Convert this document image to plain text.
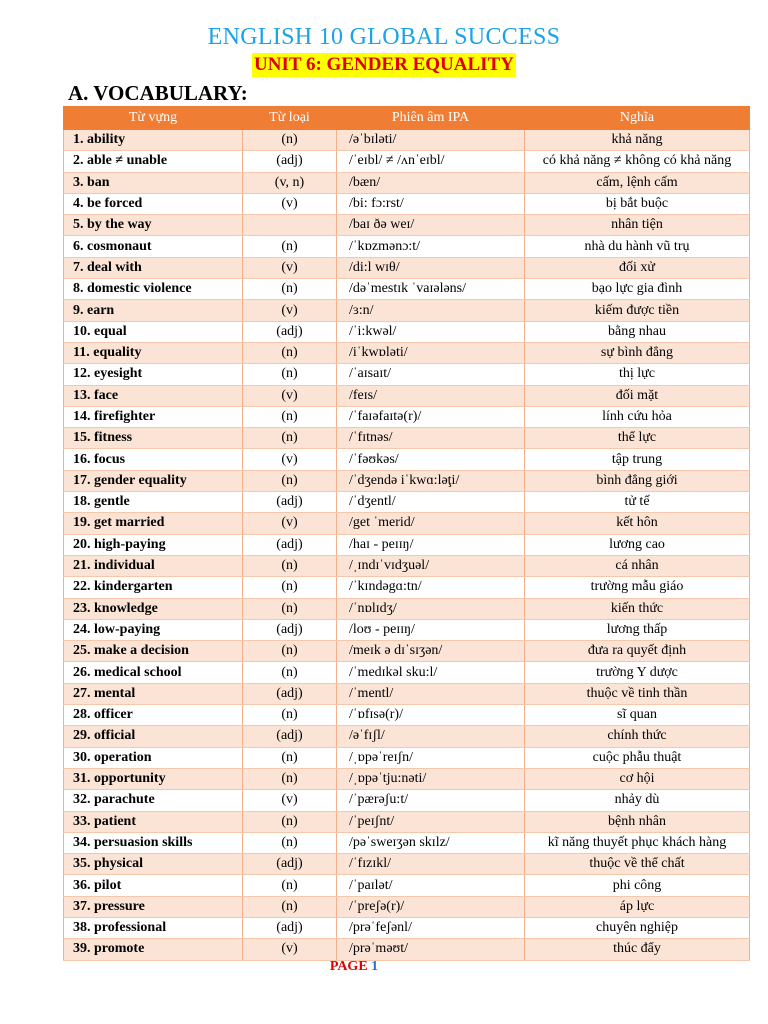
ENGLISH 10 GLOBAL SUCCESS
UNIT 6: GENDER EQUALITY
A. VOCABULARY:
Từ vựng	Từ loại	Phiên âm IPA	Nghĩa
1. ability	(n)	/əˈbɪləti/	khả năng
2. able ≠ unable	(adj)	/ˈeɪbl/ ≠ /ʌnˈeɪbl/	có khả năng ≠ không có khả năng
3. ban	(v, n)	/bæn/	cấm, lệnh cấm
4. be forced	(v)	/bi: fɔ:rst/	bị bắt buộc
5. by the way		/baɪ ðə weɪ/	nhân tiện
6. cosmonaut	(n)	/ˈkɒzmənɔ:t/	nhà du hành vũ trụ
7. deal with	(v)	/di:l wɪθ/	đối xử
8. domestic violence	(n)	/dəˈmestɪk ˈvaɪələns/	bạo lực gia đình
9. earn	(v)	/ɜ:n/	kiếm được tiền
10. equal	(adj)	/ˈi:kwəl/	bằng nhau
11. equality	(n)	/iˈkwɒləti/	sự bình đẳng
12. eyesight	(n)	/ˈaɪsaɪt/	thị lực
13. face	(v)	/feɪs/	đối mặt
14. firefighter	(n)	/ˈfaɪəfaɪtə(r)/	lính cứu hỏa
15. fitness	(n)	/ˈfɪtnəs/	thể lực
16. focus	(v)	/ˈfəʊkəs/	tập trung
17. gender equality	(n)	/ˈdʒendə iˈkwɑ:ləţi/	bình đẳng giới
18. gentle	(adj)	/ˈdʒentl/	tử tế
19. get married	(v)	/get ˈmerid/	kết hôn
20. high-paying	(adj)	/haɪ - peɪɪŋ/	lương cao
21. individual	(n)	/ˌɪndɪˈvɪdʒuəl/	cá nhân
22. kindergarten	(n)	/ˈkɪndəgɑ:tn/	trường mẫu giáo
23. knowledge	(n)	/ˈnɒlɪdʒ/	kiến thức
24. low-paying	(adj)	/loʊ - peɪɪŋ/	lương thấp
25. make a decision	(n)	/meɪk ə dɪˈsɪʒən/	đưa ra quyết định
26. medical school	(n)	/ˈmedɪkəl sku:l/	trường Y dược
27. mental	(adj)	/ˈmentl/	thuộc về tinh thần
28. officer	(n)	/ˈɒfɪsə(r)/	sĩ quan
29. official	(adj)	/əˈfɪʃl/	chính thức
30. operation	(n)	/ˌɒpəˈreɪʃn/	cuộc phẫu thuật
31. opportunity	(n)	/ˌɒpəˈtju:nəti/	cơ hội
32. parachute	(v)	/ˈpærəʃu:t/	nhảy dù
33. patient	(n)	/ˈpeɪʃnt/	bệnh nhân
34. persuasion skills	(n)	/pəˈsweɪʒən skɪlz/	kĩ năng thuyết phục khách hàng
35. physical	(adj)	/ˈfɪzɪkl/	thuộc về thể chất
36. pilot	(n)	/ˈpaɪlət/	phi công
37. pressure	(n)	/ˈpreʃə(r)/	áp lực
38. professional	(adj)	/prəˈfeʃənl/	chuyên nghiệp
39. promote	(v)	/prəˈməʊt/	thúc đẩy
PAGE 1
